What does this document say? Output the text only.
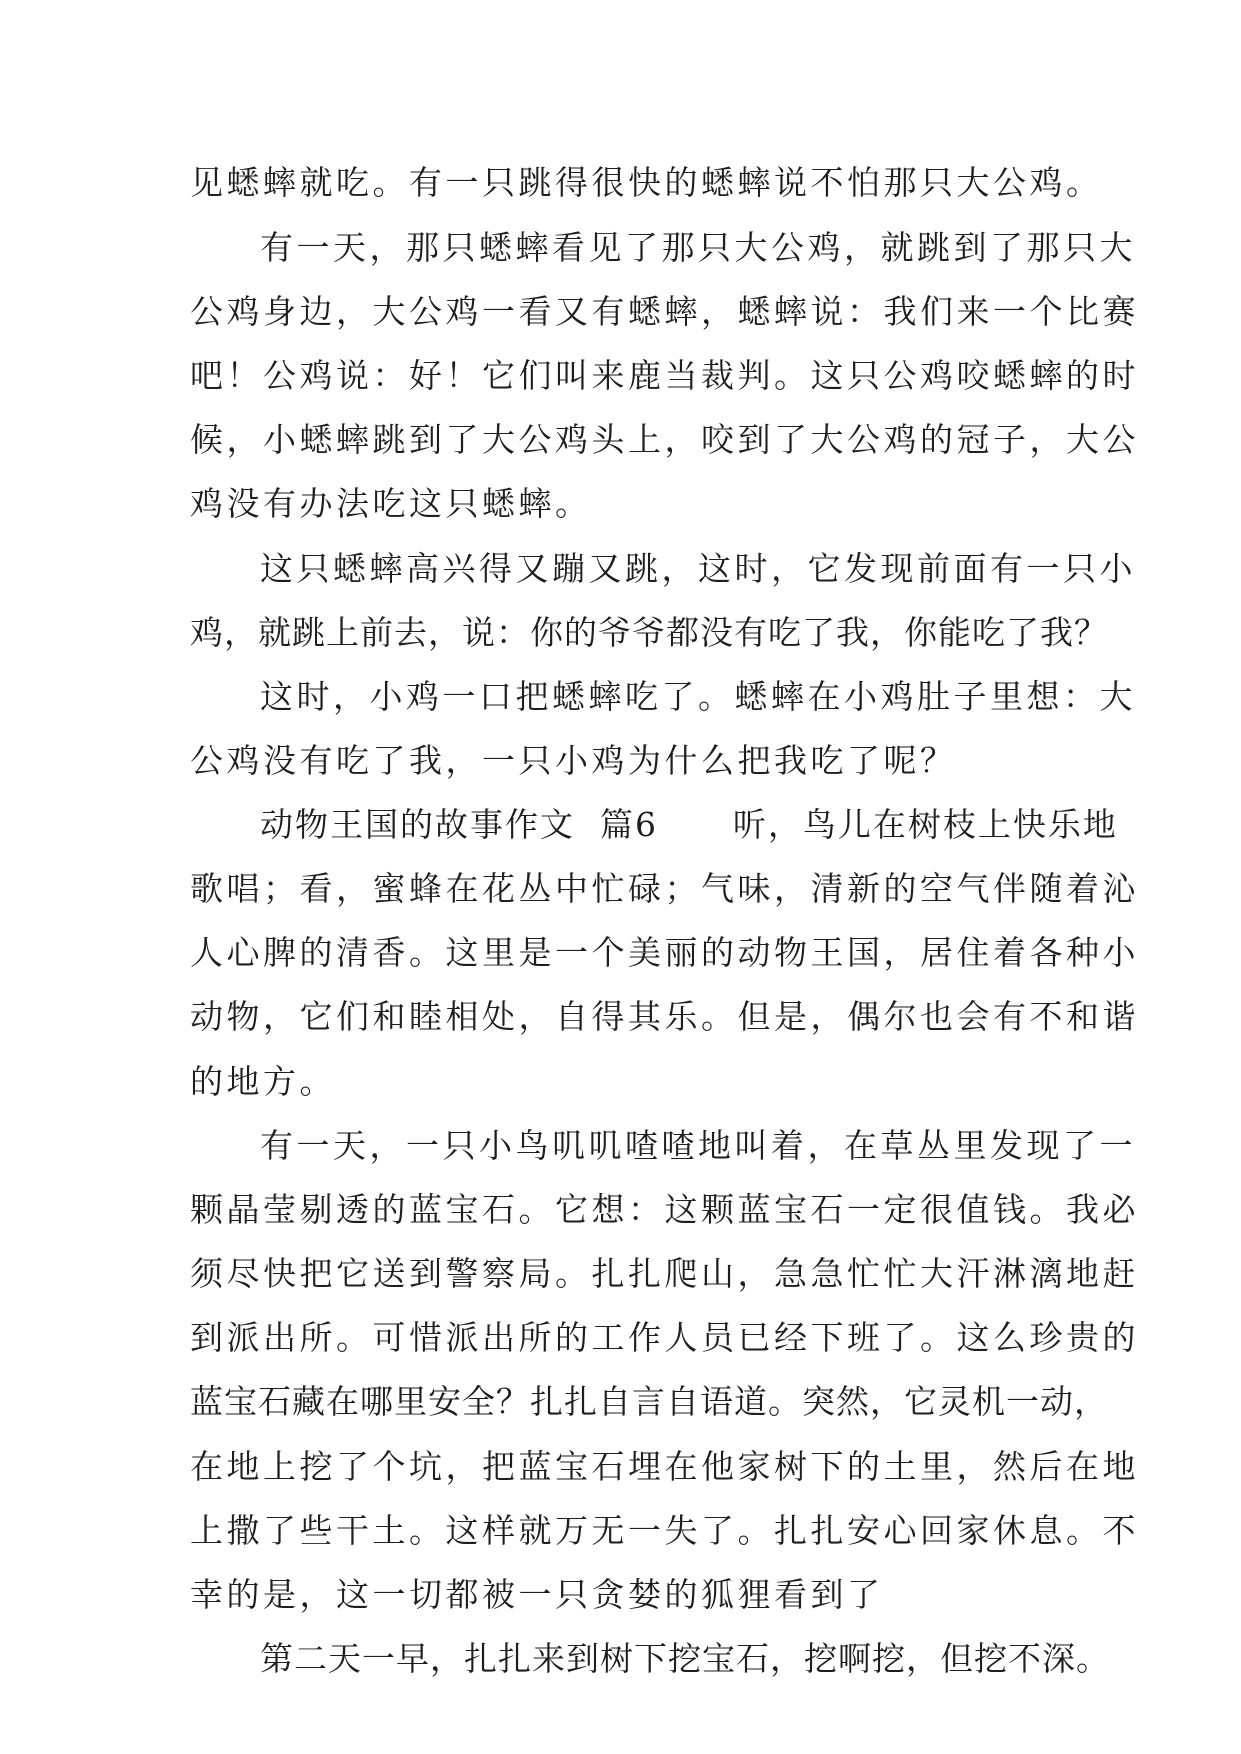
见蟋蟀就吃。有一只跳得很快的蟋蟀说不怕那只大公鸡。
有一天，那只蟋蟀看见了那只大公鸡，就跳到了那只大
公鸡身边，大公鸡一看又有蟋蟀，蟋蟀说：我们来一个比赛
吧！公鸡说：好！它们叫来鹿当裁判。这只公鸡咬蟋蟀的时
候，小蟋蟀跳到了大公鸡头上，咬到了大公鸡的冠子，大公
鸡没有办法吃这只蟋蟀。
这只蟋蟀高兴得又蹦又跳，这时，它发现前面有一只小
鸡，就跳上前去，说：你的爷爷都没有吃了我，你能吃了我？
这时，小鸡一口把蟋蟀吃了。蟋蟀在小鸡肚子里想：大
公鸡没有吃了我，一只小鸡为什么把我吃了呢？
动物王国的故事作文  篇6      听，鸟儿在树枝上快乐地
歌唱；看，蜜蜂在花丛中忙碌；气味，清新的空气伴随着沁
人心脾的清香。这里是一个美丽的动物王国，居住着各种小
动物，它们和睦相处，自得其乐。但是，偶尔也会有不和谐
的地方。
有一天，一只小鸟叽叽喳喳地叫着，在草丛里发现了一
颗晶莹剔透的蓝宝石。它想：这颗蓝宝石一定很值钱。我必
须尽快把它送到警察局。扎扎爬山，急急忙忙大汗淋漓地赶
到派出所。可惜派出所的工作人员已经下班了。这么珍贵的
蓝宝石藏在哪里安全？扎扎自言自语道。突然，它灵机一动，
在地上挖了个坑，把蓝宝石埋在他家树下的土里，然后在地
上撒了些干土。这样就万无一失了。扎扎安心回家休息。不
幸的是，这一切都被一只贪婪的狐狸看到了
第二天一早，扎扎来到树下挖宝石，挖啊挖，但挖不深。
